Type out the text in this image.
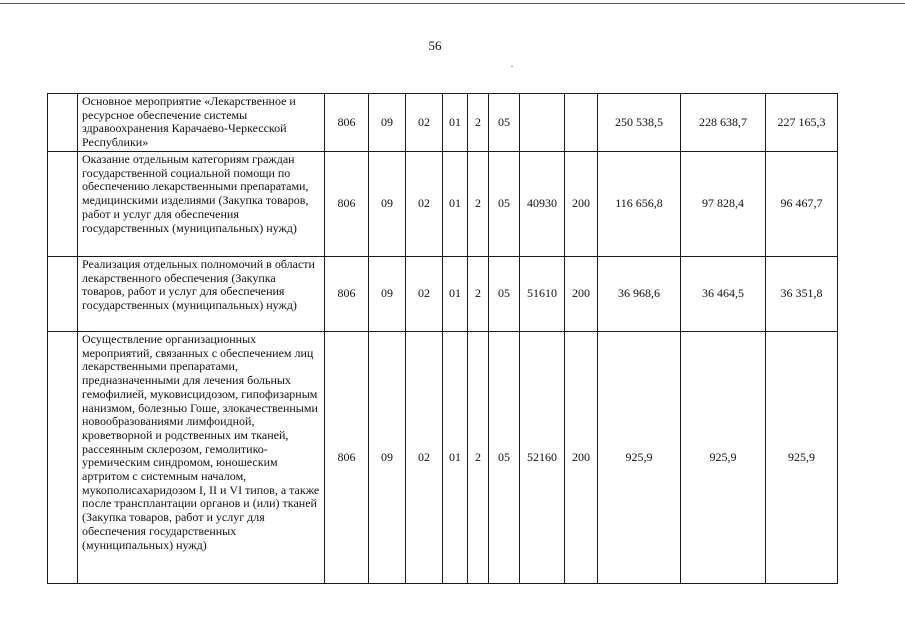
56
	Основное мероприятие «Лекарственное и ресурсное обеспечение системы здравоохранения Карачаево-Черкесской Республики»	806	09	02	01	2	05			250 538,5	228 638,7	227 165,3
	Оказание отдельным категориям граждан государственной социальной помощи по обеспечению лекарственными препаратами, медицинскими изделиями (Закупка товаров, работ и услуг для обеспечения государственных (муниципальных) нужд)	806	09	02	01	2	05	40930	200	116 656,8	97 828,4	96 467,7
	Реализация отдельных полномочий в области лекарственного обеспечения (Закупка товаров, работ и услуг для обеспечения государственных (муниципальных) нужд)	806	09	02	01	2	05	51610	200	36 968,6	36 464,5	36 351,8
	Осуществление организационных мероприятий, связанных с обеспечением лиц лекарственными препаратами, предназначенными для лечения больных гемофилией, муковисцидозом, гипофизарным нанизмом, болезнью Гоше, злокачественными новообразованиями лимфоидной, кроветворной и родственных им тканей, рассеянным склерозом, гемолитико-уремическим синдромом, юношеским артритом с системным началом, мукополисахаридозом I, II и VI типов, а также после трансплантации органов и (или) тканей (Закупка товаров, работ и услуг для обеспечения государственных (муниципальных) нужд)	806	09	02	01	2	05	52160	200	925,9	925,9	925,9
